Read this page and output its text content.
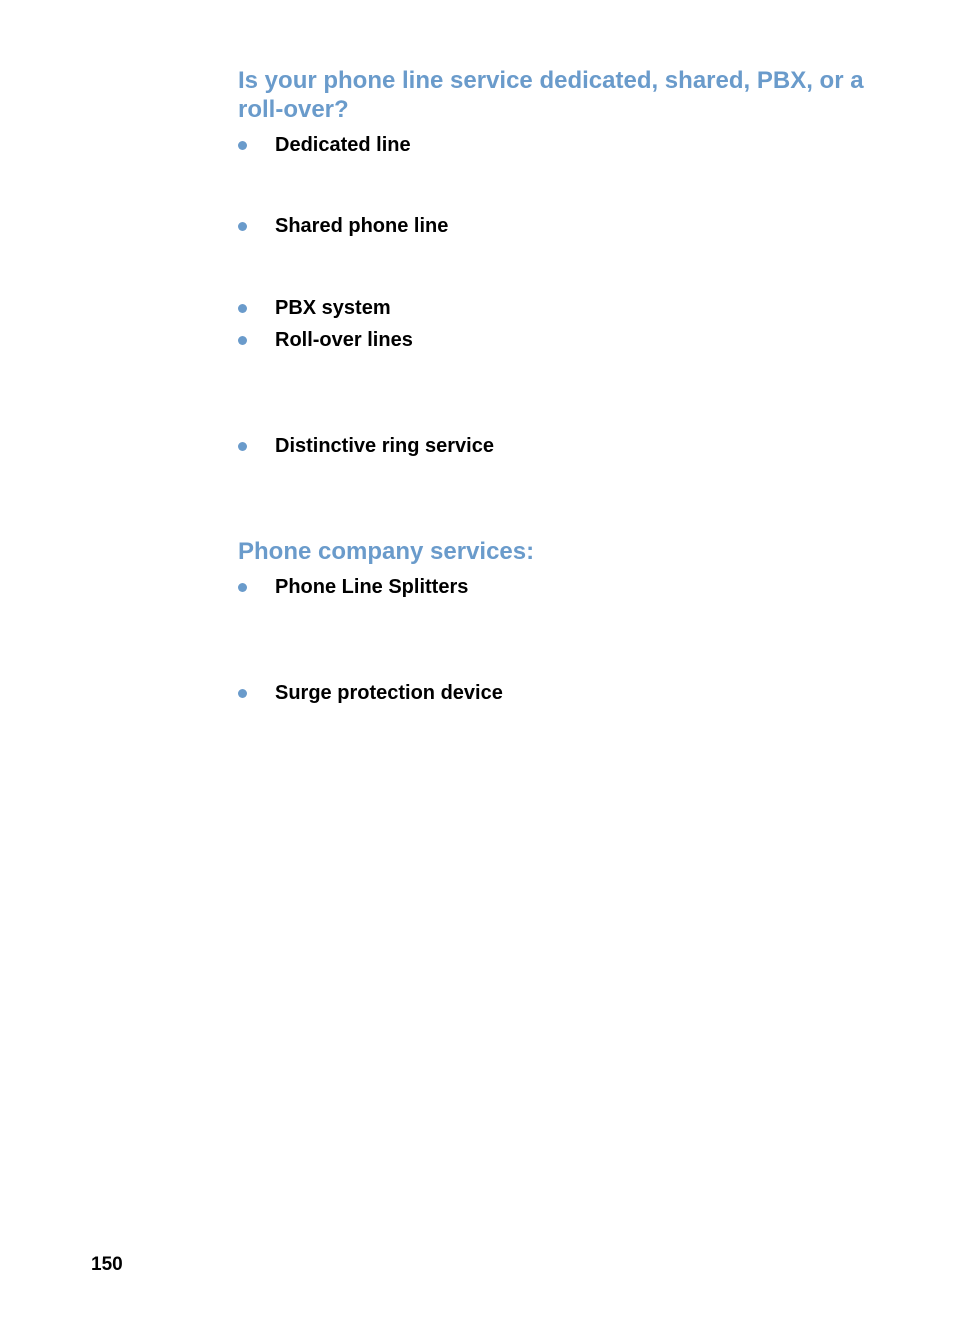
Is your phone line service dedicated, shared, PBX, or a roll-over?
Dedicated line
Shared phone line
PBX system
Roll-over lines
Distinctive ring service
Phone company services:
Phone Line Splitters
Surge protection device
150
